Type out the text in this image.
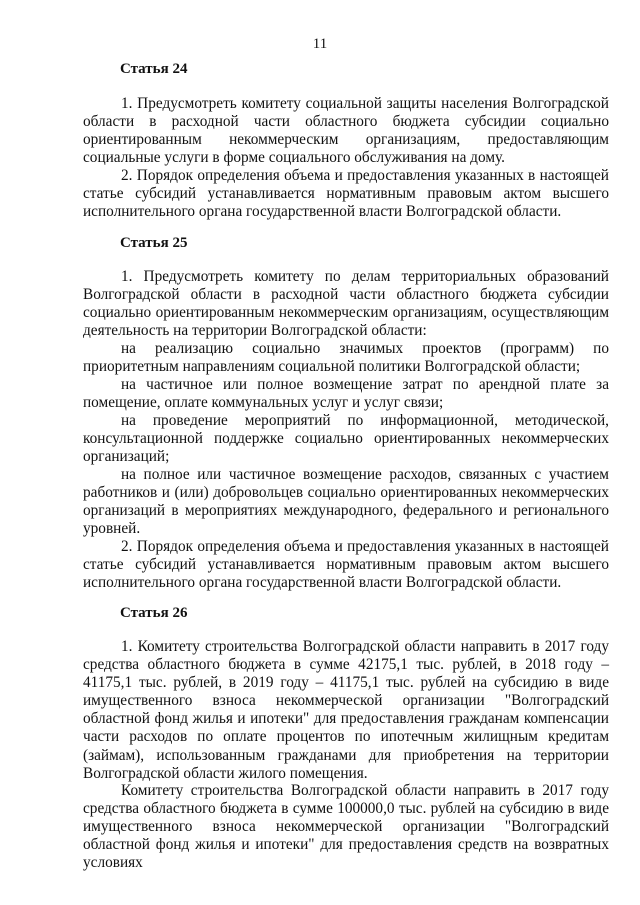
11
Статья 24

1. Предусмотреть комитету социальной защиты населения Волгоградской области в расходной части областного бюджета субсидии социально ориентированным некоммерческим организациям, предоставляющим социальные услуги в форме социального обслуживания на дому.

2. Порядок определения объема и предоставления указанных в настоящей статье субсидий устанавливается нормативным правовым актом высшего исполнительного органа государственной власти Волгоградской области.

Статья 25

1. Предусмотреть комитету по делам территориальных образований Волгоградской области в расходной части областного бюджета субсидии социально ориентированным некоммерческим организациям, осуществляющим деятельность на территории Волгоградской области:

на реализацию социально значимых проектов (программ) по приоритетным направлениям социальной политики Волгоградской области;

на частичное или полное возмещение затрат по арендной плате за помещение, оплате коммунальных услуг и услуг связи;

на проведение мероприятий по информационной, методической, консультационной поддержке социально ориентированных некоммерческих организаций;

на полное или частичное возмещение расходов, связанных с участием работников и (или) добровольцев социально ориентированных некоммерческих организаций в мероприятиях международного, федерального и регионального уровней.

2. Порядок определения объема и предоставления указанных в настоящей статье субсидий устанавливается нормативным правовым актом высшего исполнительного органа государственной власти Волгоградской области.

Статья 26

1. Комитету строительства Волгоградской области направить в 2017 году средства областного бюджета в сумме 42175,1 тыс. рублей, в 2018 году – 41175,1 тыс. рублей, в 2019 году – 41175,1 тыс. рублей на субсидию в виде имущественного взноса некоммерческой организации "Волгоградский областной фонд жилья и ипотеки" для предоставления гражданам компенсации части расходов по оплате процентов по ипотечным жилищным кредитам (займам), использованным гражданами для приобретения на территории Волгоградской области жилого помещения.

Комитету строительства Волгоградской области направить в 2017 году средства областного бюджета в сумме 100000,0 тыс. рублей на субсидию в виде имущественного взноса некоммерческой организации "Волгоградский областной фонд жилья и ипотеки" для предоставления средств на возвратных условиях
